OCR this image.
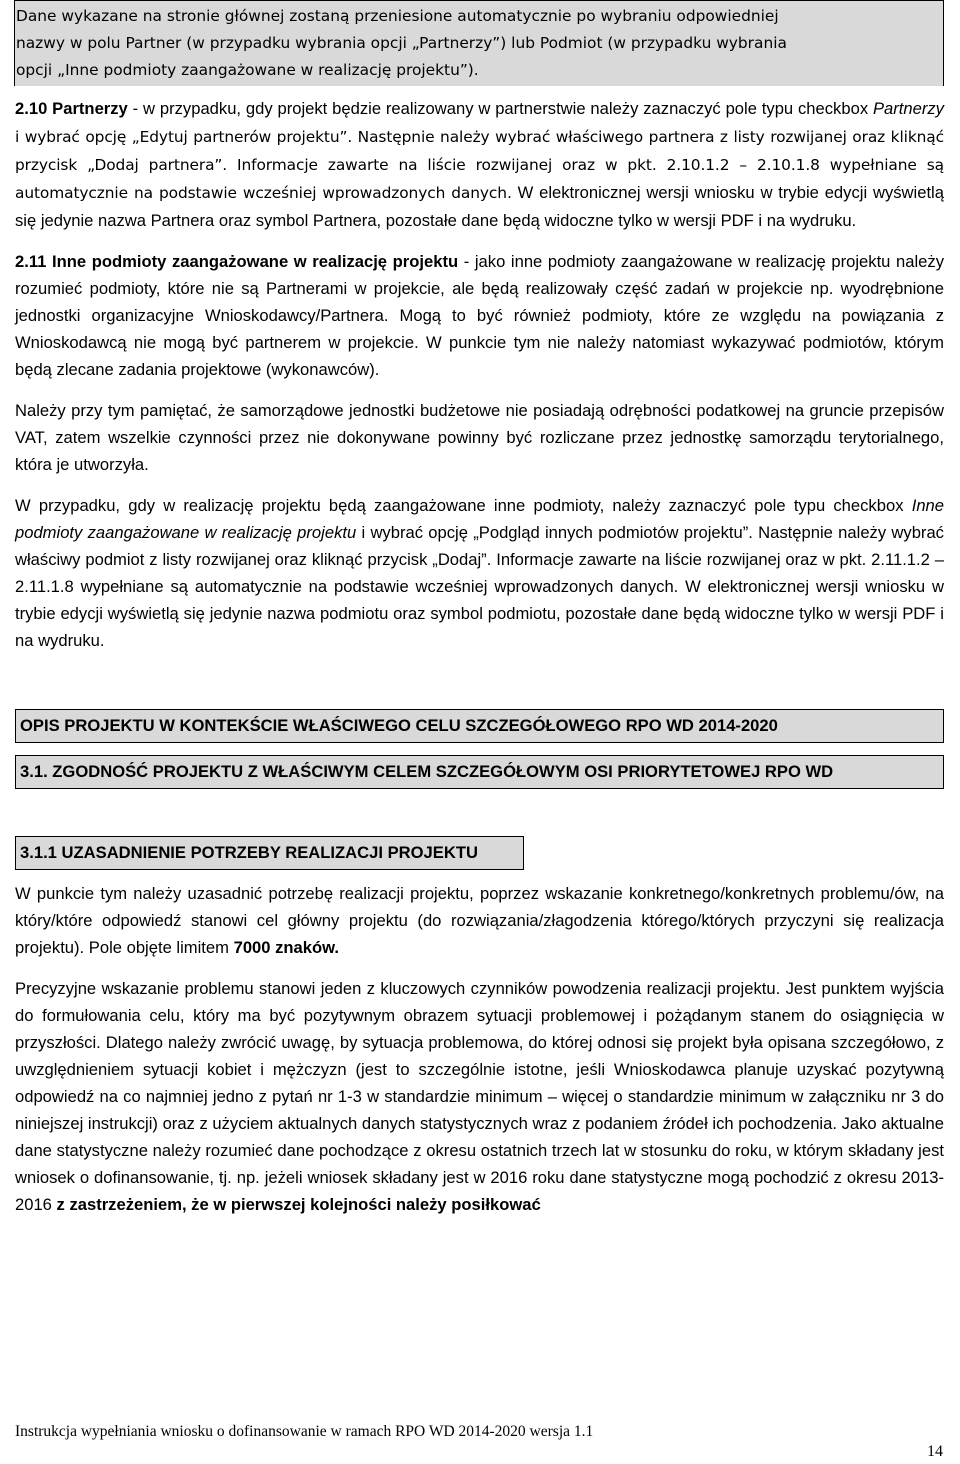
Dane wykazane na stronie głównej zostaną przeniesione automatycznie po wybraniu odpowiedniej

nazwy w polu Partner (w przypadku wybrania opcji „Partnerzy”) lub Podmiot (w przypadku wybrania

opcji „Inne podmioty zaangażowane w realizację projektu”).

2.10 Partnerzy - w przypadku, gdy projekt będzie realizowany w partnerstwie należy zaznaczyć pole typu checkbox Partnerzy i wybrać opcję „Edytuj partnerów projektu”. Następnie należy wybrać właściwego partnera z listy rozwijanej oraz kliknąć przycisk „Dodaj partnera”. Informacje zawarte na liście rozwijanej oraz w pkt. 2.10.1.2 – 2.10.1.8 wypełniane są automatycznie na podstawie wcześniej wprowadzonych danych. W elektronicznej wersji wniosku w trybie edycji wyświetlą się jedynie nazwa Partnera oraz symbol Partnera, pozostałe dane będą widoczne tylko w wersji PDF i na wydruku.

2.11 Inne podmioty zaangażowane w realizację projektu - jako inne podmioty zaangażowane w realizację projektu należy rozumieć podmioty, które nie są Partnerami w projekcie, ale będą realizowały część zadań w projekcie np. wyodrębnione jednostki organizacyjne Wnioskodawcy/Partnera. Mogą to być również podmioty, które ze względu na powiązania z Wnioskodawcą nie mogą być partnerem w projekcie. W punkcie tym nie należy natomiast wykazywać podmiotów, którym będą zlecane zadania projektowe (wykonawców).

Należy przy tym pamiętać, że samorządowe jednostki budżetowe nie posiadają odrębności podatkowej na gruncie przepisów VAT, zatem wszelkie czynności przez nie dokonywane powinny być rozliczane przez jednostkę samorządu terytorialnego, która je utworzyła.

W przypadku, gdy w realizację projektu będą zaangażowane inne podmioty, należy zaznaczyć pole typu checkbox Inne podmioty zaangażowane w realizację projektu i wybrać opcję „Podgląd innych podmiotów projektu”. Następnie należy wybrać właściwy podmiot z listy rozwijanej oraz kliknąć przycisk „Dodaj”. Informacje zawarte na liście rozwijanej oraz w pkt. 2.11.1.2 – 2.11.1.8 wypełniane są automatycznie na podstawie wcześniej wprowadzonych danych. W elektronicznej wersji wniosku w trybie edycji wyświetlą się jedynie nazwa podmiotu oraz symbol podmiotu, pozostałe dane będą widoczne tylko w wersji PDF i na wydruku.

OPIS PROJEKTU W KONTEKŚCIE WŁAŚCIWEGO CELU SZCZEGÓŁOWEGO RPO WD 2014-2020
3.1. ZGODNOŚĆ PROJEKTU Z WŁAŚCIWYM CELEM SZCZEGÓŁOWYM OSI PRIORYTETOWEJ RPO WD
3.1.1 UZASADNIENIE POTRZEBY REALIZACJI PROJEKTU

W punkcie tym należy uzasadnić potrzebę realizacji projektu, poprzez wskazanie konkretnego/konkretnych problemu/ów, na który/które odpowiedź stanowi cel główny projektu (do rozwiązania/złagodzenia którego/których przyczyni się realizacja projektu). Pole objęte limitem 7000 znaków.

Precyzyjne wskazanie problemu stanowi jeden z kluczowych czynników powodzenia realizacji projektu. Jest punktem wyjścia do formułowania celu, który ma być pozytywnym obrazem sytuacji problemowej i pożądanym stanem do osiągnięcia w przyszłości. Dlatego należy zwrócić uwagę, by sytuacja problemowa, do której odnosi się projekt była opisana szczegółowo, z uwzględnieniem sytuacji kobiet i mężczyzn (jest to szczególnie istotne, jeśli Wnioskodawca planuje uzyskać pozytywną odpowiedź na co najmniej jedno z pytań nr 1-3 w standardzie minimum – więcej o standardzie minimum w załączniku nr 3 do niniejszej instrukcji) oraz z użyciem aktualnych danych statystycznych wraz z podaniem źródeł ich pochodzenia. Jako aktualne dane statystyczne należy rozumieć dane pochodzące z okresu ostatnich trzech lat w stosunku do roku, w którym składany jest wniosek o dofinansowanie, tj. np. jeżeli wniosek składany jest w 2016 roku dane statystyczne mogą pochodzić z okresu 2013-2016 z zastrzeżeniem, że w pierwszej kolejności należy posiłkować

Instrukcja wypełniania wniosku o dofinansowanie w ramach RPO WD 2014-2020 wersja 1.1
14
